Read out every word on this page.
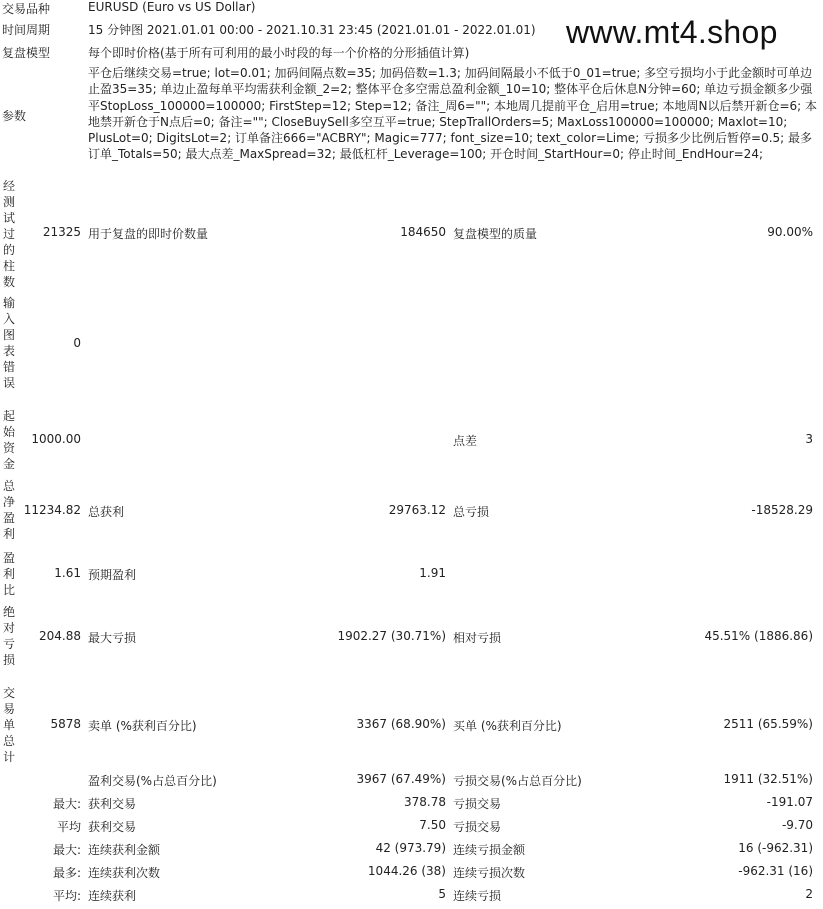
www.mt4.shop
交易品种	EURUSD (Euro vs US Dollar)
时间周期	15 分钟图 2021.01.01 00:00 - 2021.10.31 23:45 (2021.01.01 - 2022.01.01)
复盘模型	每个即时价格(基于所有可利用的最小时段的每一个价格的分形插值计算)
参数
平仓后继续交易=true; lot=0.01; 加码间隔点数=35; 加码倍数=1.3; 加码间隔最小不低于0_01=true; 多空亏损均小于此金额时可单边止盈35=35; 单边止盈每单平均需获利金额_2=2; 整体平仓多空需总盈利金额_10=10; 整体平仓后休息N分钟=60; 单边亏损金额多少强平StopLoss_100000=100000; FirstStep=12; Step=12; 备注_周6=""; 本地周几提前平仓_启用=true; 本地周N以后禁开新仓=6; 本地禁开新仓于N点后=0; 备注=""; CloseBuySell多空互平=true; StepTrallOrders=5; MaxLoss100000=100000; Maxlot=10; PlusLot=0; DigitsLot=2; 订单备注666="ACBRY"; Magic=777; font_size=10; text_color=Lime; 亏损多少比例后暂停=0.5; 最多订单_Totals=50; 最大点差_MaxSpread=32; 最低杠杆_Leverage=100; 开仓时间_StartHour=0; 停止时间_EndHour=24;
经测试过的柱数
21325 用于复盘的即时价数量	184650 复盘模型的质量	90.00%
输入图表错误
0
起始资金
1000.00	点差	3
总净盈利
11234.82 总获利	29763.12 总亏损	-18528.29
盈利比
1.61 预期盈利	1.91
绝对亏损
204.88 最大亏损	1902.27 (30.71%) 相对亏损	45.51% (1886.86)
交易单总计
5878 卖单 (%获利百分比)	3367 (68.90%) 买单 (%获利百分比)	2511 (65.59%)
盈利交易(%占总百分比)	3967 (67.49%) 亏损交易(%占总百分比)	1911 (32.51%)
最大: 获利交易	378.78 亏损交易	-191.07
平均 获利交易	7.50 亏损交易	-9.70
最大: 连续获利金额	42 (973.79) 连续亏损金额	16 (-962.31)
最多: 连续获利次数	1044.26 (38) 连续亏损次数	-962.31 (16)
平均: 连续获利	5 连续亏损	2
